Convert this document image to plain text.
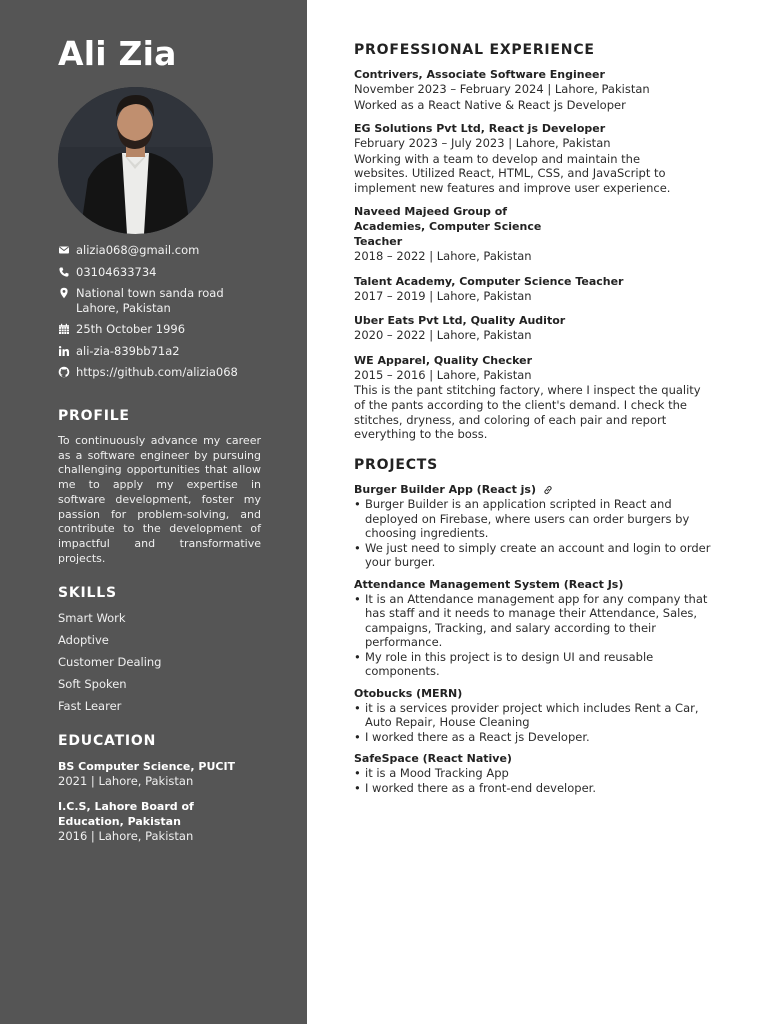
Ali Zia
alizia068@gmail.com
03104633734
National town sanda road Lahore, Pakistan
25th October 1996
ali-zia-839bb71a2
https://github.com/alizia068
PROFILE
To continuously advance my career as a software engineer by pursuing challenging opportunities that allow me to apply my expertise in software development, foster my passion for problem-solving, and contribute to the development of impactful and transformative projects.
SKILLS
Smart Work
Adoptive
Customer Dealing
Soft Spoken
Fast Learer
EDUCATION
BS Computer Science, PUCIT
2021 | Lahore, Pakistan
I.C.S, Lahore Board of Education, Pakistan
2016 | Lahore, Pakistan
PROFESSIONAL EXPERIENCE
Contrivers, Associate Software Engineer
November 2023 – February 2024 | Lahore, Pakistan
Worked as a React Native & React js Developer
EG Solutions Pvt Ltd, React js Developer
February 2023 – July 2023 | Lahore, Pakistan
Working with a team to develop and maintain the websites. Utilized React, HTML, CSS, and JavaScript to implement new features and improve user experience.
Naveed Majeed Group of Academies, Computer Science Teacher
2018 – 2022 | Lahore, Pakistan
Talent Academy, Computer Science Teacher
2017 – 2019 | Lahore, Pakistan
Uber Eats Pvt Ltd, Quality Auditor
2020 – 2022 | Lahore, Pakistan
WE Apparel, Quality Checker
2015 – 2016 | Lahore, Pakistan
This is the pant stitching factory, where I inspect the quality of the pants according to the client's demand. I check the stitches, dryness, and coloring of each pair and report everything to the boss.
PROJECTS
Burger Builder App (React js)
• Burger Builder is an application scripted in React and deployed on Firebase, where users can order burgers by choosing ingredients.
• We just need to simply create an account and login to order your burger.
Attendance Management System (React Js)
• It is an Attendance management app for any company that has staff and it needs to manage their Attendance, Sales, campaigns, Tracking, and salary according to their performance.
• My role in this project is to design UI and reusable components.
Otobucks (MERN)
• it is a services provider project which includes Rent a Car, Auto Repair, House Cleaning
• I worked there as a React js Developer.
SafeSpace (React Native)
• it is a Mood Tracking App
• I worked there as a front-end developer.
